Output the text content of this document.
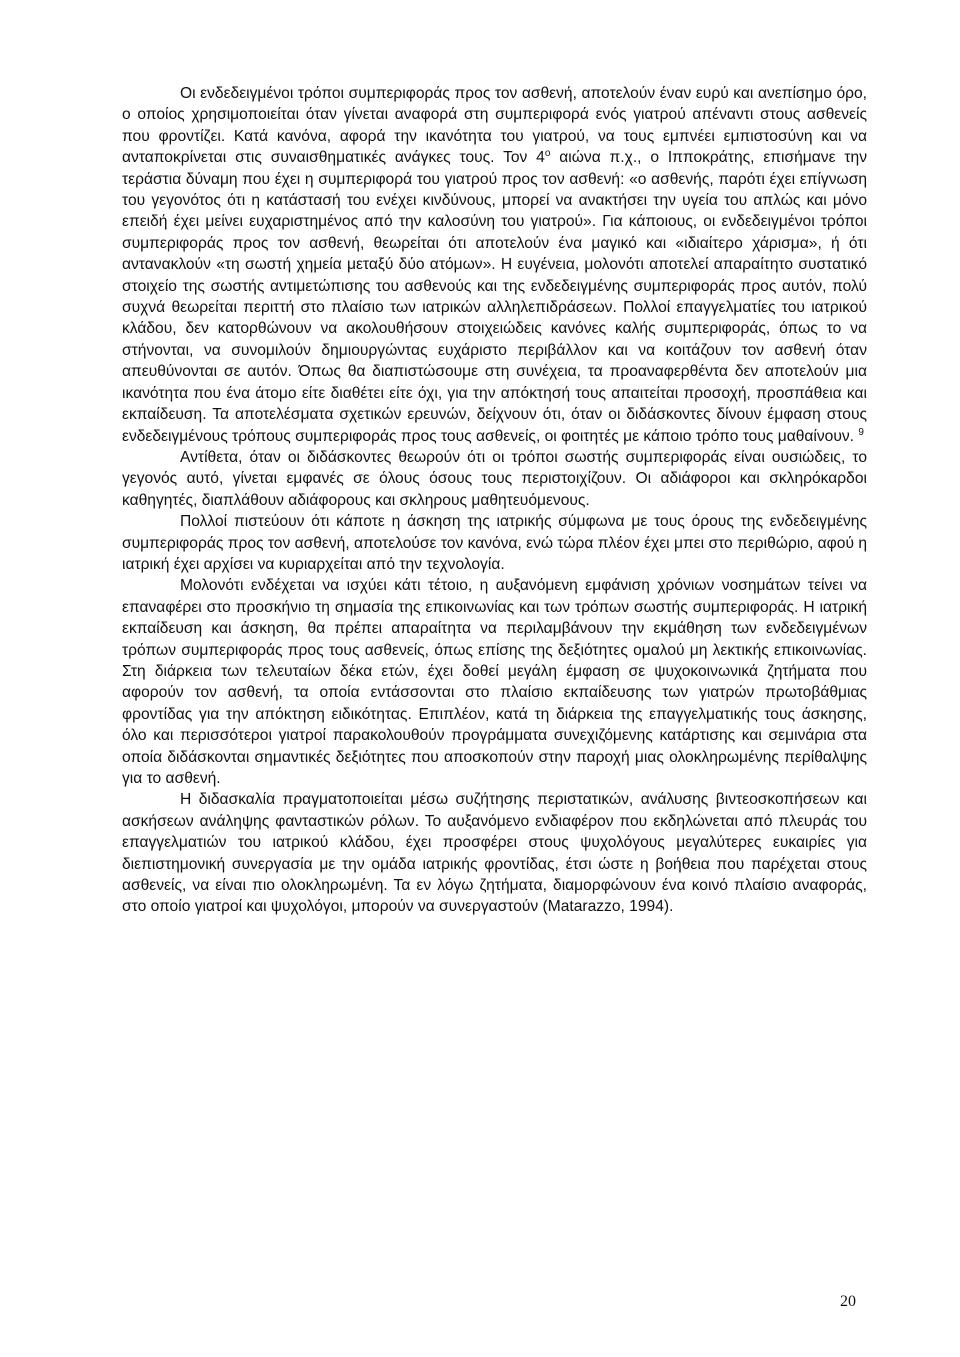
Οι ενδεδειγμένοι τρόποι συμπεριφοράς προς τον ασθενή, αποτελούν έναν ευρύ και ανεπίσημο όρο, ο οποίος χρησιμοποιείται όταν γίνεται αναφορά στη συμπεριφορά ενός γιατρού απέναντι στους ασθενείς που φροντίζει. Κατά κανόνα, αφορά την ικανότητα του γιατρού, να τους εμπνέει εμπιστοσύνη και να ανταποκρίνεται στις συναισθηματικές ανάγκες τους. Τον $4^o$ αιώνα π.χ., ο Ιπποκράτης, επισήμανε την τεράστια δύναμη που έχει η συμπεριφορά του γιατρού προς τον ασθενή: «ο ασθενής, παρότι έχει επίγνωση του γεγονότος ότι η κατάστασή του ενέχει κινδύνους, μπορεί να ανακτήσει την υγεία του απλώς και μόνο επειδή έχει μείνει ευχαριστημένος από την καλοσύνη του γιατρού». Για κάποιους, οι ενδεδειγμένοι τρόποι συμπεριφοράς προς τον ασθενή, θεωρείται ότι αποτελούν ένα μαγικό και «ιδιαίτερο χάρισμα», ή ότι αντανακλούν «τη σωστή χημεία μεταξύ δύο ατόμων». Η ευγένεια, μολονότι αποτελεί απαραίτητο συστατικό στοιχείο της σωστής αντιμετώπισης του ασθενούς και της ενδεδειγμένης συμπεριφοράς προς αυτόν, πολύ συχνά θεωρείται περιττή στο πλαίσιο των ιατρικών αλληλεπιδράσεων. Πολλοί επαγγελματίες του ιατρικού κλάδου, δεν κατορθώνουν να ακολουθήσουν στοιχειώδεις κανόνες καλής συμπεριφοράς, όπως το να στήνονται, να συνομιλούν δημιουργώντας ευχάριστο περιβάλλον και να κοιτάζουν τον ασθενή όταν απευθύνονται σε αυτόν. Όπως θα διαπιστώσουμε στη συνέχεια, τα προαναφερθέντα δεν αποτελούν μια ικανότητα που ένα άτομο είτε διαθέτει είτε όχι, για την απόκτησή τους απαιτείται προσοχή, προσπάθεια και εκπαίδευση. Τα αποτελέσματα σχετικών ερευνών, δείχνουν ότι, όταν οι διδάσκοντες δίνουν έμφαση στους ενδεδειγμένους τρόπους συμπεριφοράς προς τους ασθενείς, οι φοιτητές με κάποιο τρόπο τους μαθαίνουν. $^9$

Αντίθετα, όταν οι διδάσκοντες θεωρούν ότι οι τρόποι σωστής συμπεριφοράς είναι ουσιώδεις, το γεγονός αυτό, γίνεται εμφανές σε όλους όσους τους περιστοιχίζουν. Οι αδιάφοροι και σκληρόκαρδοι καθηγητές, διαπλάθουν αδιάφορους και σκληρους μαθητευόμενους.

Πολλοί πιστεύουν ότι κάποτε η άσκηση της ιατρικής σύμφωνα με τους όρους της ενδεδειγμένης συμπεριφοράς προς τον ασθενή, αποτελούσε τον κανόνα, ενώ τώρα πλέον έχει μπει στο περιθώριο, αφού η ιατρική έχει αρχίσει να κυριαρχείται από την τεχνολογία.

Μολονότι ενδέχεται να ισχύει κάτι τέτοιο, η αυξανόμενη εμφάνιση χρόνιων νοσημάτων τείνει να επαναφέρει στο προσκήνιο τη σημασία της επικοινωνίας και των τρόπων σωστής συμπεριφοράς. Η ιατρική εκπαίδευση και άσκηση, θα πρέπει απαραίτητα να περιλαμβάνουν την εκμάθηση των ενδεδειγμένων τρόπων συμπεριφοράς προς τους ασθενείς, όπως επίσης της δεξιότητες ομαλού μη λεκτικής επικοινωνίας. Στη διάρκεια των τελευταίων δέκα ετών, έχει δοθεί μεγάλη έμφαση σε ψυχοκοινωνικά ζητήματα που αφορούν τον ασθενή, τα οποία εντάσσονται στο πλαίσιο εκπαίδευσης των γιατρών πρωτοβάθμιας φροντίδας για την απόκτηση ειδικότητας. Επιπλέον, κατά τη διάρκεια της επαγγελματικής τους άσκησης, όλο και περισσότεροι γιατροί παρακολουθούν προγράμματα συνεχιζόμενης κατάρτισης και σεμινάρια στα οποία διδάσκονται σημαντικές δεξιότητες που αποσκοπούν στην παροχή μιας ολοκληρωμένης περίθαλψης για το ασθενή.

Η διδασκαλία πραγματοποιείται μέσω συζήτησης περιστατικών, ανάλυσης βιντεοσκοπήσεων και ασκήσεων ανάληψης φανταστικών ρόλων. Το αυξανόμενο ενδιαφέρον που εκδηλώνεται από πλευράς του επαγγελματιών του ιατρικού κλάδου, έχει προσφέρει στους ψυχολόγους μεγαλύτερες ευκαιρίες για διεπιστημονική συνεργασία με την ομάδα ιατρικής φροντίδας, έτσι ώστε η βοήθεια που παρέχεται στους ασθενείς, να είναι πιο ολοκληρωμένη. Τα εν λόγω ζητήματα, διαμορφώνουν ένα κοινό πλαίσιο αναφοράς, στο οποίο γιατροί και ψυχολόγοι, μπορούν να συνεργαστούν (Matarazzo, 1994).

20
